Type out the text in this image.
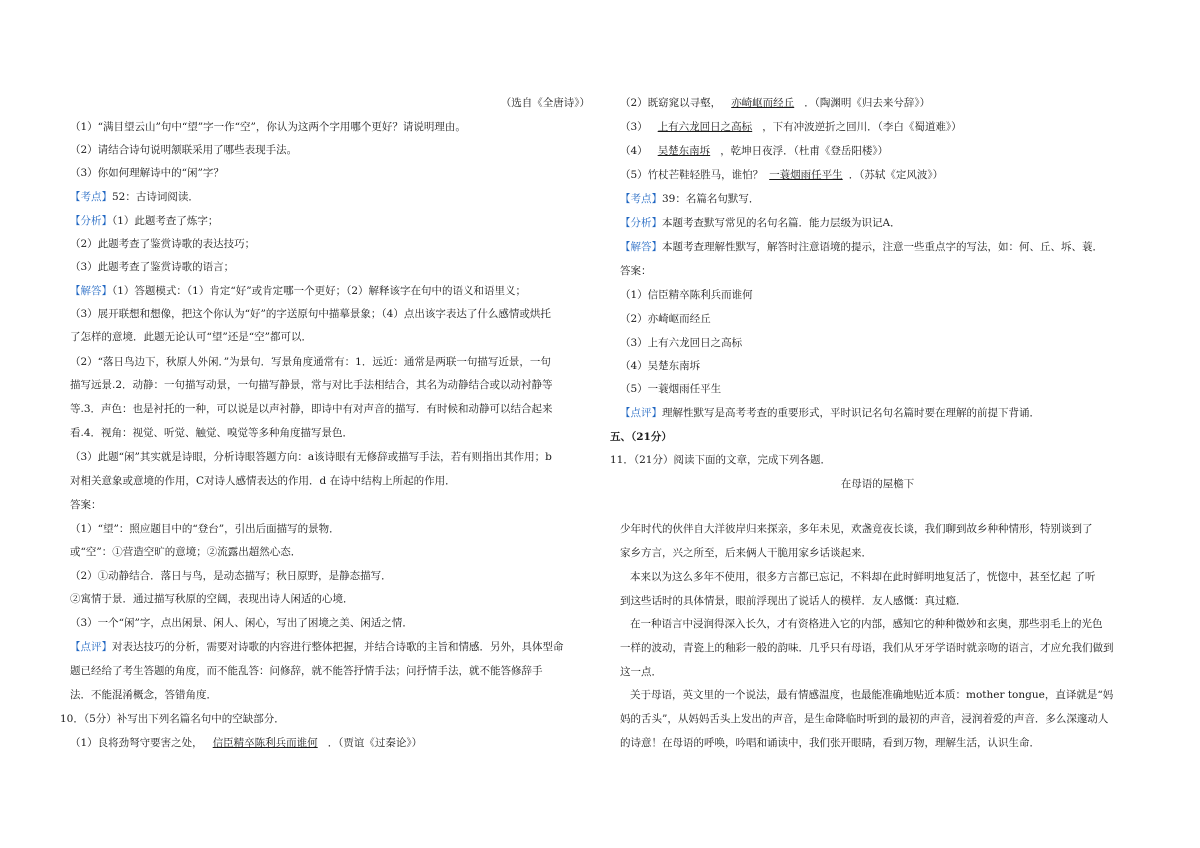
（选自《全唐诗》）
（1）“满目望云山”句中“望”字一作“空”，你认为这两个字用哪个更好？请说明理由。
（2）请结合诗句说明颔联采用了哪些表现手法。
（3）你如何理解诗中的“闲”字？
【考点】52：古诗词阅读．
【分析】（1）此题考查了炼字；
（2）此题考查了鉴赏诗歌的表达技巧；
（3）此题考查了鉴赏诗歌的语言；
【解答】（1）答题模式：（1）肯定“好”或肯定哪一个更好；（2）解释该字在句中的语义和语里义；
（3）展开联想和想像，把这个你认为“好”的字送原句中描摹景象；（4）点出该字表达了什么感情或烘托
了怎样的意境．此题无论认可“望”还是“空”都可以．
（2）“落日鸟边下，秋原人外闲．”为景句．写景角度通常有：1．远近：通常是两联一句描写近景，一句
描写远景.2．动静：一句描写动景，一句描写静景，常与对比手法相结合，其名为动静结合或以动衬静等
等.3．声色：也是衬托的一种，可以说是以声衬静，即诗中有对声音的描写．有时候和动静可以结合起来
看.4．视角：视觉、听觉、触觉、嗅觉等多种角度描写景色．
（3）此题“闲”其实就是诗眼，分析诗眼答题方向：a该诗眼有无修辞或描写手法，若有则指出其作用；b
对相关意象或意境的作用，C对诗人感情表达的作用．d 在诗中结构上所起的作用．
答案：
（1）“望”：照应题目中的“登台”，引出后面描写的景物．
或“空”：①营造空旷的意境；②流露出超然心态．
（2）①动静结合．落日与鸟，是动态描写；秋日原野，是静态描写．
②寓情于景．通过描写秋原的空阔，表现出诗人闲适的心境．
（3）一个“闲”字，点出闲景、闲人、闲心，写出了困境之美、闲适之情．
【点评】对表达技巧的分析，需要对诗歌的内容进行整体把握，并结合诗歌的主旨和情感．另外，具体型命
题已经给了考生答题的角度，而不能乱答：问修辞，就不能答抒情手法；问抒情手法，就不能答修辞手
法．不能混淆概念，答错角度．
10．（5分）补写出下列名篇名句中的空缺部分．
（1）良将劲弩守要害之处， 信臣精卒陈利兵而谁何 ．（贾谊《过秦论》）
（2）既窈窕以寻壑， 亦崎岖而经丘 ．（陶渊明《归去来兮辞》）
（3） 上有六龙回日之高标 ，下有冲波逆折之回川．（李白《蜀道难》）
（4） 吴楚东南坼 ，乾坤日夜浮．（杜甫《登岳阳楼》）
（5）竹杖芒鞋轻胜马，谁怕？ 一蓑烟雨任平生 ．（苏轼《定风波》）
【考点】39：名篇名句默写．
【分析】本题考查默写常见的名句名篇．能力层级为识记A．
【解答】本题考查理解性默写，解答时注意语境的提示，注意一些重点字的写法，如：何、丘、坼、蓑．
答案：
（1）信臣精卒陈利兵而谁何
（2）亦崎岖而经丘
（3）上有六龙回日之高标
（4）吴楚东南坼
（5）一蓑烟雨任平生
【点评】理解性默写是高考考查的重要形式，平时识记名句名篇时要在理解的前提下背诵．
五、（21分）
11．（21分）阅读下面的文章，完成下列各题．
在母语的屋檐下
少年时代的伙伴自大洋彼岸归来探亲，多年未见，欢盏竟夜长谈，我们聊到故乡种种情形，特别谈到了
家乡方言，兴之所至，后来俩人干脆用家乡话谈起来．
本来以为这么多年不使用，很多方言都已忘记，不料却在此时鲜明地复活了，恍惚中，甚至忆起 了听
到这些话时的具体情景，眼前浮现出了说话人的模样．友人感慨：真过瘾．
在一种语言中浸润得深入长久，才有资格进入它的内部，感知它的种种微妙和玄奥，那些羽毛上的光色
一样的波动，青瓷上的釉彩一般的韵味．几乎只有母语，我们从牙牙学语时就亲吻的语言，才应允我们做到
这一点．
关于母语，英文里的一个说法，最有情感温度，也最能准确地贴近本质：mother tongue，直译就是“妈
妈的舌头”，从妈妈舌头上发出的声音，是生命降临时听到的最初的声音，浸润着爱的声音．多么深邃动人
的诗意！在母语的呼唤，吟唱和诵读中，我们张开眼睛，看到万物，理解生活，认识生命．
